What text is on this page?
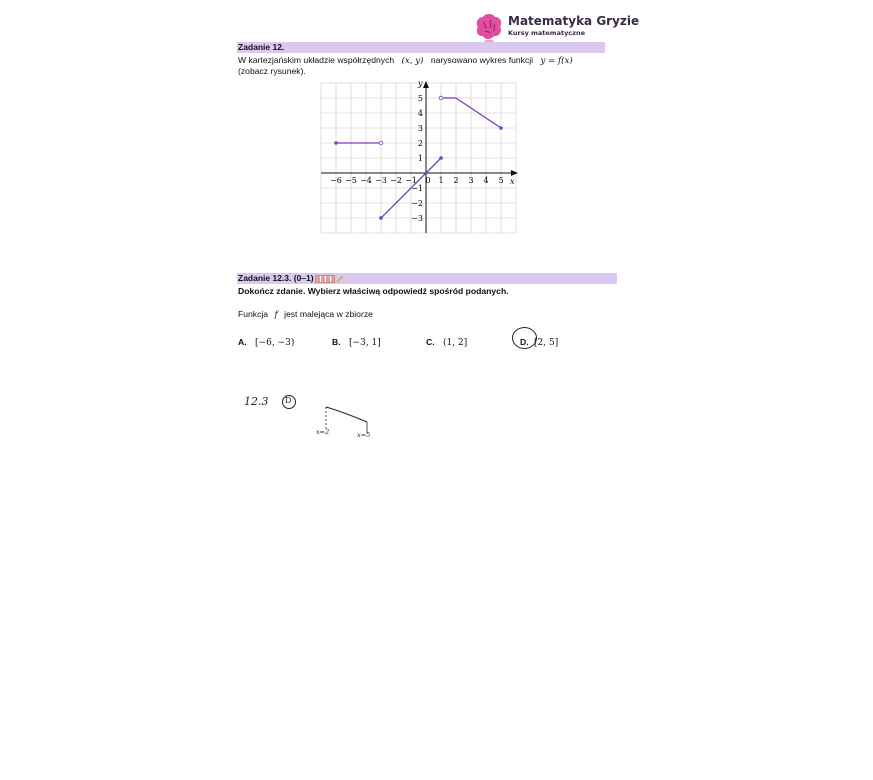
Matematyka Gryzie
Kursy matematyczne
Zadanie 12.
W kartezjańskim układzie współrzędnych (x, y) narysowano wykres funkcji y = f(x)
(zobacz rysunek).
x
y
−6 −5 −4 −3 −2 −1 0 1 2 3 4 5
5
4
3
2
1
−1
−2
−3
Zadanie 12.3. (0–1)
Dokończ zdanie. Wybierz właściwą odpowiedź spośród podanych.
Funkcja f jest malejąca w zbiorze
A. [−6, −3)	B. [−3, 1]	C. (1, 2]	D. [2, 5]
12.3 D
x=2	x=5
